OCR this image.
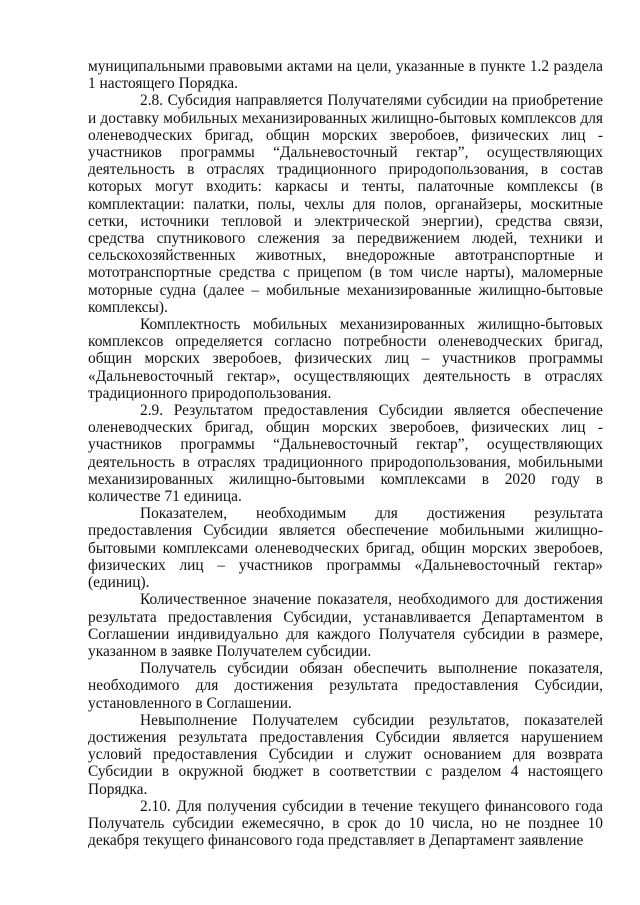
муниципальными правовыми актами на цели, указанные в пункте 1.2 раздела 1 настоящего Порядка.

2.8. Субсидия направляется Получателями субсидии на приобретение и доставку мобильных механизированных жилищно-бытовых комплексов для оленеводческих бригад, общин морских зверобоев, физических лиц - участников программы “Дальневосточный гектар”, осуществляющих деятельность в отраслях традиционного природопользования, в состав которых могут входить: каркасы и тенты, палаточные комплексы (в комплектации: палатки, полы, чехлы для полов, органайзеры, москитные сетки, источники тепловой и электрической энергии), средства связи, средства спутникового слежения за передвижением людей, техники и сельскохозяйственных животных, внедорожные автотранспортные и мототранспортные средства с прицепом (в том числе нарты), маломерные моторные судна (далее – мобильные механизированные жилищно-бытовые комплексы).

Комплектность мобильных механизированных жилищно-бытовых комплексов определяется согласно потребности оленеводческих бригад, общин морских зверобоев, физических лиц – участников программы «Дальневосточный гектар», осуществляющих деятельность в отраслях традиционного природопользования.

2.9. Результатом предоставления Субсидии является обеспечение оленеводческих бригад, общин морских зверобоев, физических лиц - участников программы “Дальневосточный гектар”, осуществляющих деятельность в отраслях традиционного природопользования, мобильными механизированных жилищно-бытовыми комплексами в 2020 году в количестве 71 единица.

Показателем, необходимым для достижения результата предоставления Субсидии является обеспечение мобильными жилищно-бытовыми комплексами оленеводческих бригад, общин морских зверобоев, физических лиц – участников программы «Дальневосточный гектар» (единиц).

Количественное значение показателя, необходимого для достижения результата предоставления Субсидии, устанавливается Департаментом в Соглашении индивидуально для каждого Получателя субсидии в размере, указанном в заявке Получателем субсидии.

Получатель субсидии обязан обеспечить выполнение показателя, необходимого для достижения результата предоставления Субсидии, установленного в Соглашении.

Невыполнение Получателем субсидии результатов, показателей достижения результата предоставления Субсидии является нарушением условий предоставления Субсидии и служит основанием для возврата Субсидии в окружной бюджет в соответствии с разделом 4 настоящего Порядка.

2.10. Для получения субсидии в течение текущего финансового года Получатель субсидии ежемесячно, в срок до 10 числа, но не позднее 10 декабря текущего финансового года представляет в Департамент заявление
